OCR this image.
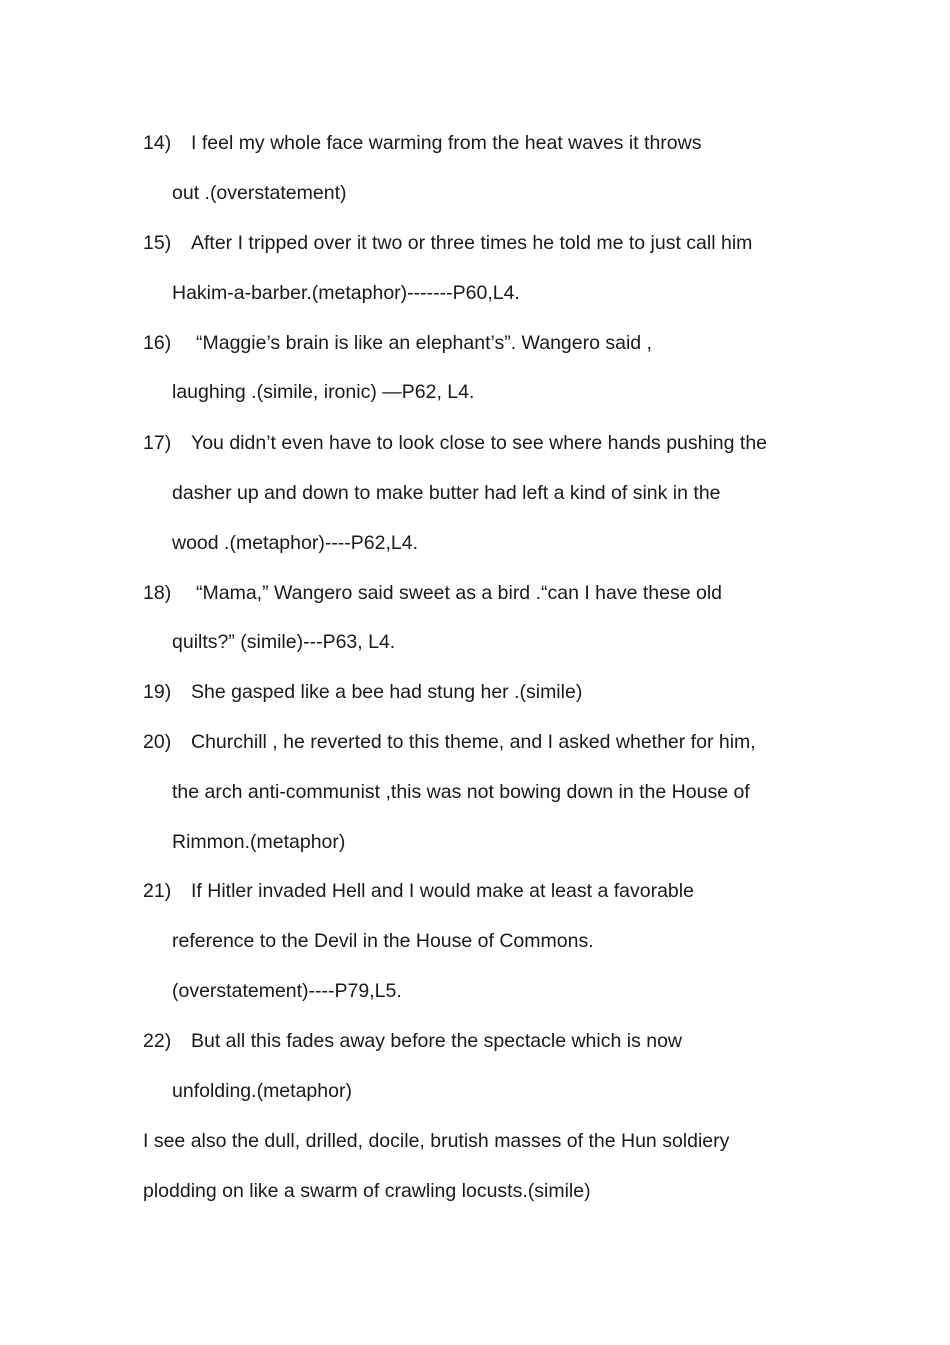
14) I feel my whole face warming from the heat waves it throws

out .(overstatement)

15) After I tripped over it two or three times he told me to just call him

Hakim-a-barber.(metaphor)-------P60,L4.

16) “Maggie’s brain is like an elephant’s”. Wangero said ,

laughing .(simile, ironic) —P62, L4.

17) You didn’t even have to look close to see where hands pushing the

dasher up and down to make butter had left a kind of sink in the

wood .(metaphor)----P62,L4.

18) “Mama,” Wangero said sweet as a bird .“can I have these old

quilts?” (simile)---P63, L4.

19) She gasped like a bee had stung her .(simile)

20) Churchill , he reverted to this theme, and I asked whether for him,

the arch anti-communist ,this was not bowing down in the House of

Rimmon.(metaphor)

21) If Hitler invaded Hell and I would make at least a favorable

reference to the Devil in the House of Commons.

(overstatement)----P79,L5.

22) But all this fades away before the spectacle which is now

unfolding.(metaphor)

I see also the dull, drilled, docile, brutish masses of the Hun soldiery

plodding on like a swarm of crawling locusts.(simile)
